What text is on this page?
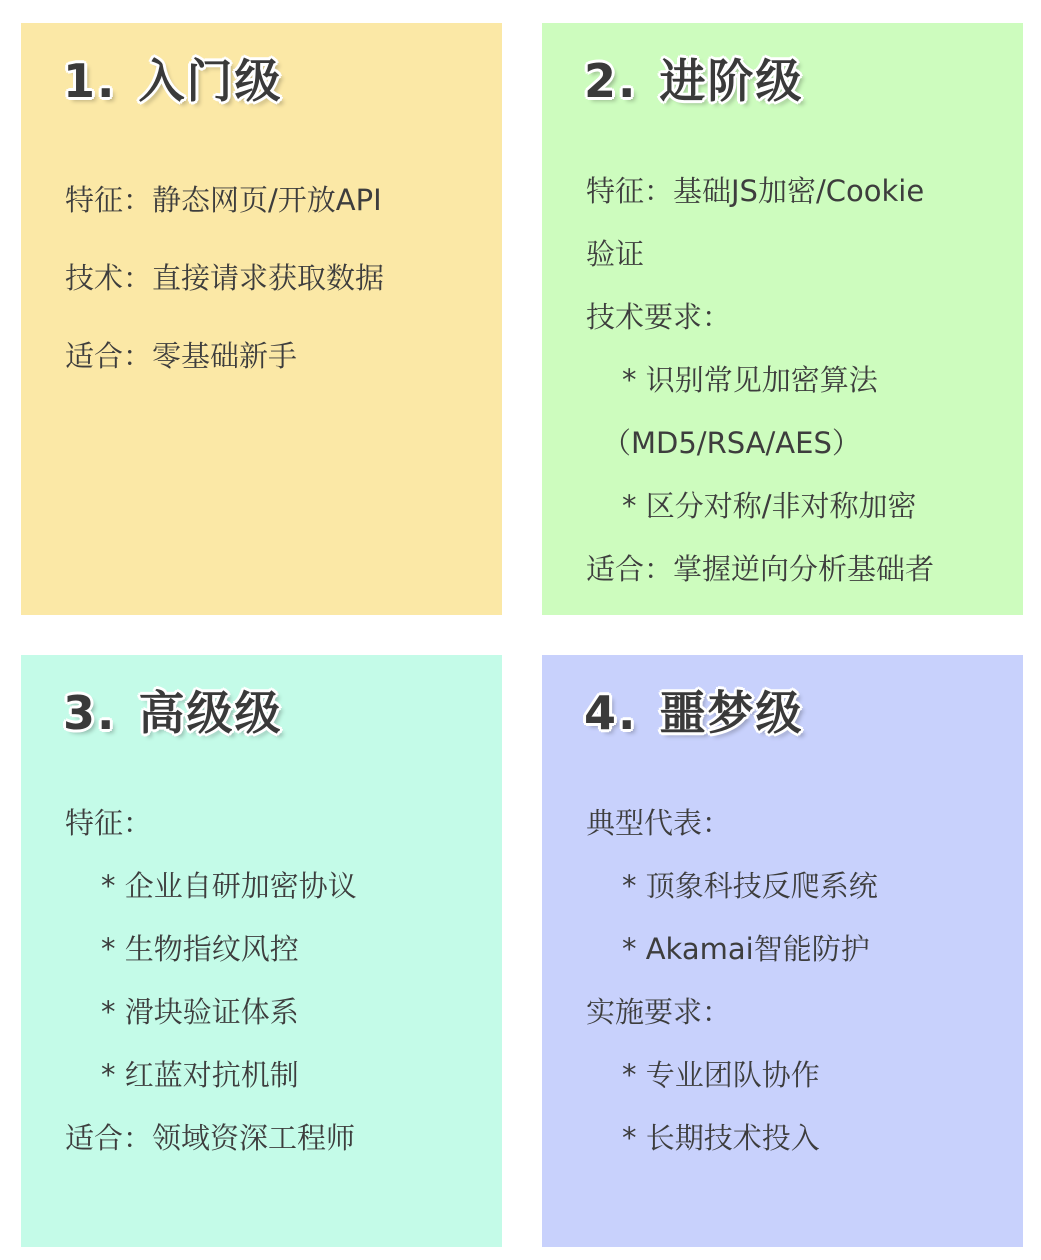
1. 入门级
特征：静态网页/开放API
技术：直接请求获取数据
适合：零基础新手
2. 进阶级
特征：基础JS加密/Cookie
验证
技术要求：
* 识别常见加密算法
（MD5/RSA/AES）
* 区分对称/非对称加密
适合：掌握逆向分析基础者
3. 高级级
特征：
* 企业自研加密协议
* 生物指纹风控
* 滑块验证体系
* 红蓝对抗机制
适合：领域资深工程师
4. 噩梦级
典型代表：
* 顶象科技反爬系统
* Akamai智能防护
实施要求：
* 专业团队协作
* 长期技术投入
